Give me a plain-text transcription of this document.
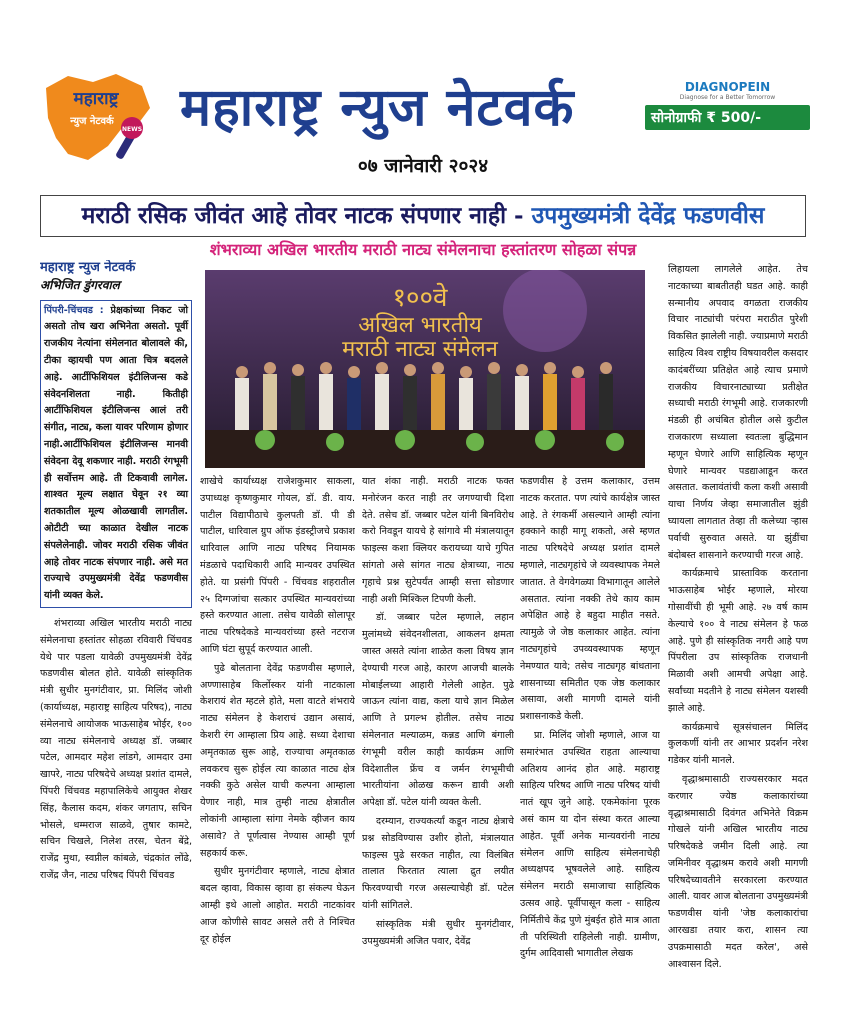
महाराष्ट्र
न्युज नेटवर्क
NEWS महाराष्ट्र न्युज नेटवर्क	DIAGNOPEIN
Diagnose for a Better Tomorrow
सोनोग्राफी ₹ 500/-
०७ जानेवारी २०२४
मराठी रसिक जीवंत आहे तोवर नाटक संपणार नाही - उपमुख्यमंत्री देवेंद्र फडणवीस
शंभराव्या अखिल भारतीय मराठी नाट्य संमेलनाचा हस्तांतरण सोहळा संपन्न
महाराष्ट्र न्युज नेटवर्क
अभिजित डुंगरवाल
पिंपरी-चिंचवड : प्रेक्षकांच्या निकट जो असतो तोच खरा अभिनेता असतो. पूर्वी राजकीय नेत्यांना संमेलनात बोलावले की, टीका व्हायची पण आता चित्र बदलले आहे. आर्टीफिशियल इंटीलिजन्स कडे संवेदनशिलता नाही. कितीही आर्टीफिशियल इंटीलिजन्स आलं तरी संगीत, नाट्य, कला यावर परिणाम होणार नाही.आर्टीफिशियल इंटीलिजन्स मानवी संवेदना देवू शकणार नाही. मराठी रंगभूमी ही सर्वोत्तम आहे. ती टिकवावी लागेल. शाश्वत मूल्य लक्षात घेवून २१ व्या शतकातील मूल्य ओळखावी लागतील. ओटीटी च्या काळात देखील नाटक संपलेलेनाही. जोवर मराठी रसिक जीवंत आहे तोवर नाटक संपणार नाही. असे मत राज्याचे उपमुख्यमंत्री देवेंद्र फडणवीस यांनी व्यक्त केले.

शंभराव्या अखिल भारतीय मराठी नाट्य संमेलनाचा हस्तांतर सोहळा रविवारी चिंचवड येथे पार पडला यावेळी उपमुख्यमंत्री देवेंद्र फडणवीस बोलत होते. यावेळी सांस्कृतिक मंत्री सुधीर मुनगंटीवार, प्रा. मिलिंद जोशी (कार्याध्यक्ष, महाराष्ट्र साहित्य परिषद), नाट्य संमेलनाचे आयोजक भाऊसाहेब भोईर, १०० व्या नाट्य संमेलनाचे अध्यक्ष डॉ. जब्बार पटेल, आमदार महेश लांडगे, आमदार उमा खापरे, नाट्य परिषदेचे अध्यक्ष प्रशांत दामले, पिंपरी चिंचवड महापालिकेचे आयुक्त शेखर सिंह, कैलास कदम, शंकर जगताप, सचिन भोसले, धम्मराज साळवे, तुषार कामटे, सचिन चिखले, निलेश तरस, चेतन बेंद्रे, राजेंद्र मुथा, स्वप्नील कांबळे, चंद्रकांत लोंढे, राजेंद्र जैन, नाट्य परिषद पिंपरी चिंचवड

१००वे
अखिल भारतीय
मराठी नाट्य संमेलन

शाखेचे कार्याध्यक्ष राजेशकुमार साकला, उपाध्यक्ष कृष्णकुमार गोयल, डॉ. डी. वाय. पाटील विद्यापीठाचे कुलपती डॉ. पी डी पाटील, धारिवाल ग्रुप ऑफ इंडस्ट्रीजचे प्रकाश धारिवाल आणि नाट्य परिषद नियामक मंडळाचे पदाधिकारी आदि मान्यवर उपस्थित होते. या प्रसंगी पिंपरी - चिंचवड शहरातील २५ दिग्गजांचा सत्कार उपस्थित मान्यवरांच्या हस्ते करण्यात आला. तसेच यावेळी सोलापूर नाट्य परिषदेकडे मान्यवरांच्या हस्ते नटराज आणि घंटा सुपूर्द करण्यात आली.

पुढे बोलताना देवेंद्र फडणवीस म्हणाले, अण्णासाहेब किर्लोस्कर यांनी नाटकाला केशरायं शेत म्हटले होते, मला वाटते शंभराये नाट्य संमेलन हे केशराचं उद्यान असावं, केशरी रंग आम्हाला प्रिय आहे. सध्या देशाचा अमृतकाळ सुरू आहे, राज्याचा अमृतकाळ लवकरच सुरू होईल त्या काळात नाट्य क्षेत्र नक्की कुठे असेल याची कल्पना आम्हाला येणार नाही, मात्र तुम्ही नाट्य क्षेत्रातील लोकांनी आम्हाला सांगा नेमके व्हीजन काय असावे? ते पूर्णत्वास नेण्यास आम्ही पूर्ण सहकार्य करू.

सुधीर मुनगंटीवार म्हणाले, नाट्य क्षेत्रात बदल व्हावा, विकास व्हावा हा संकल्प घेऊन आम्ही इथे आलो आहोत. मराठी नाटकांवर आज कोणीसे सावट असले तरी ते निश्चित दूर होईल

यात शंका नाही. मराठी नाटक फक्त मनोरंजन करत नाही तर जगण्याची दिशा देते. तसेच डॉ. जब्बार पटेल यांनी बिनविरोध करो निवडून यायचे हे सांगावे मी मंत्रालयातून फाइल्स कशा क्लियर करायच्या याचे गुपित सांगतो असे सांगत नाट्य क्षेत्राच्या, नाट्य गृहाचे प्रश्न सुटेपर्यंत आम्ही सत्ता सोडणार नाही अशी मिश्किल टिपणी केली.

डॉ. जब्बार पटेल म्हणाले, लहान मुलांमध्ये संवेदनशीलता, आकलन क्षमता जास्त असते त्यांना शाळेत कला विषय ज्ञान देण्याची गरज आहे, कारण आजची बालके मोबाईलच्या आहारी गेलेली आहेत. पुढे जाऊन त्यांना वाद्य, कला याचे ज्ञान मिळेल आणि ते प्रगल्भ होतील. तसेच नाट्य संमेलनात मल्याळम, कन्नड आणि बंगाली रंगभूमी वरील काही कार्यक्रम आणि विदेशातील फ्रेंच व जर्मन रंगभूमीची भारतीयांना ओळख करून द्यावी अशी अपेक्षा डॉ. पटेल यांनी व्यक्त केली.

दरम्यान, राज्यकर्त्यां कडून नाट्य क्षेत्राचे प्रश्न सोडविण्यास उशीर होतो, मंत्रालयात फाइल्स पुढे सरकत नाहीत, त्या विलंबित तालात फिरतात त्याला द्रुत लयीत फिरवण्याची गरज असल्याचेही डॉ. पटेल यांनी सांगितले.

सांस्कृतिक मंत्री सुधीर मुनगंटीवार, उपमुख्यमंत्री अजित पवार, देवेंद्र

फडणवीस हे उत्तम कलाकार, उत्तम नाटक करतात. पण त्यांचे कार्यक्षेत्र जास्त आहे. ते रंगकर्मी असल्याने आम्ही त्यांना हक्काने काही मागू शकतो, असे म्हणत नाट्य परिषदेचे अध्यक्ष प्रशांत दामले म्हणाले, नाट्यगृहांचे जे व्यवस्थापक नेमले जातात. ते वेगवेगळ्या विभागातून आलेले असतात. त्यांना नक्की तेथे काय काम अपेक्षित आहे हे बहुदा माहीत नसते. त्यामुळे जे जेष्ठ कलाकार आहेत. त्यांना नाट्यगृहांचे उपव्यवस्थापक म्हणून नेमण्यात यावे; तसेच नाट्यगृह बांधताना शासनाच्या समितीत एक जेष्ठ कलाकार असावा, अशी मागणी दामले यांनी प्रशासनाकडे केली.

प्रा. मिलिंद जोशी म्हणाले, आज या समारंभात उपस्थित राहता आल्याचा अतिशय आनंद होत आहे. महाराष्ट्र साहित्य परिषद आणि नाट्य परिषद यांची नातं खूप जुने आहे. एकमेकांना पूरक असं काम या दोन संस्था करत आल्या आहेत. पूर्वी अनेक मान्यवरांनी नाट्य संमेलन आणि साहित्य संमेलनाचेही अध्यक्षपद भूषवलेले आहे. साहित्य संमेलन मराठी समाजाचा साहित्यिक उत्सव आहे. पूर्वीपासून कला - साहित्य निर्मितीचे केंद्र पुणे मुंबईत होते मात्र आता ती परिस्थिती राहिलेली नाही. ग्रामीण, दुर्गम आदिवासी भागातील लेखक

लिहायला लागलेले आहेत. तेच नाटकाच्या बाबतीतही घडत आहे. काही सन्मानीय अपवाद वगळता राजकीय विचार नाट्यांची परंपरा मराठीत पुरेशी विकसित झालेली नाही. ज्याप्रमाणे मराठी साहित्य विश्व राष्ट्रीय विषयावरील कसदार कादंबरींच्या प्रतिक्षेत आहे त्याच प्रमाणे राजकीय विचारनाट्याच्या प्रतीक्षेत सध्याची मराठी रंगभूमी आहे. राजकारणी मंडळी ही अचंबित होतील असे कुटील राजकारण सध्याला स्वतःला बुद्धिमान म्हणून घेणारे आणि साहित्यिक म्हणून घेणारे मान्यवर पडद्याआडून करत असतात. कलावंतांची कला कशी असावी याचा निर्णय जेव्हा समाजातील झुंडी घ्यायला लागतात तेव्हा ती कलेच्या ऱ्हास पर्वाची सुरुवात असते. या झुंडींचा बंदोबस्त शासनाने करण्याची गरज आहे.

कार्यक्रमाचे प्रास्ताविक करताना भाऊसाहेब भोईर म्हणाले, मोरया गोसावींची ही भूमी आहे. २७ वर्ष काम केल्याचे १०० वे नाट्य संमेलन हे फळ आहे. पुणे ही सांस्कृतिक नगरी आहे पण पिंपरीला उप सांस्कृतिक राजधानी मिळावी अशी आमची अपेक्षा आहे. सर्वांच्या मदतीने हे नाट्य संमेलन यशस्वी झाले आहे.

कार्यक्रमाचे सूत्रसंचालन मिलिंद कुलकर्णी यांनी तर आभार प्रदर्शन नरेश गडेकर यांनी मानले.

वृद्धाश्रमासाठी राज्यसरकार मदत करणार ज्येष्ठ कलाकारांच्या वृद्धाश्रमासाठी दिवंगत अभिनेते विक्रम गोखले यांनी अखिल भारतीय नाट्य परिषदेकडे जमीन दिली आहे. त्या जमिनीवर वृद्धाश्रम करावे अशी मागणी परिषदेच्यावतीने सरकारला करण्यात आली. यावर आज बोलताना उपमुख्यमंत्री फडणवीस यांनी 'जेष्ठ कलाकारांचा आरखडा तयार करा, शासन त्या उपक्रमासाठी मदत करेल', असे आश्वासन दिले.
